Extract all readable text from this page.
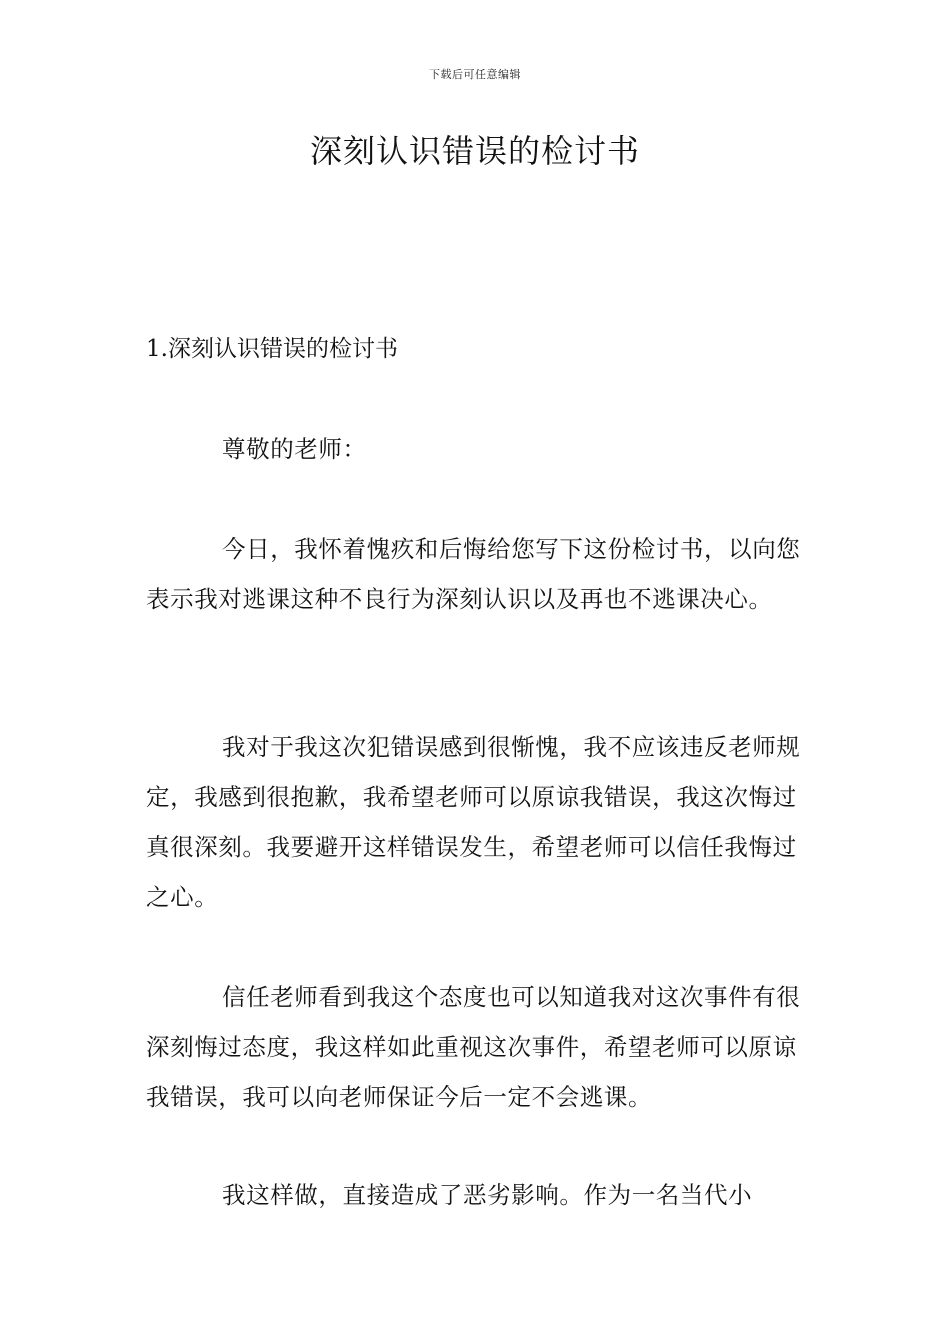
下载后可任意编辑
深刻认识错误的检讨书
1.深刻认识错误的检讨书

尊敬的老师：

今日，我怀着愧疚和后悔给您写下这份检讨书，以向您表示我对逃课这种不良行为深刻认识以及再也不逃课决心。

我对于我这次犯错误感到很惭愧，我不应该违反老师规定，我感到很抱歉，我希望老师可以原谅我错误，我这次悔过真很深刻。我要避开这样错误发生，希望老师可以信任我悔过之心。

信任老师看到我这个态度也可以知道我对这次事件有很深刻悔过态度，我这样如此重视这次事件，希望老师可以原谅我错误，我可以向老师保证今后一定不会逃课。

我这样做，直接造成了恶劣影响。作为一名当代小
